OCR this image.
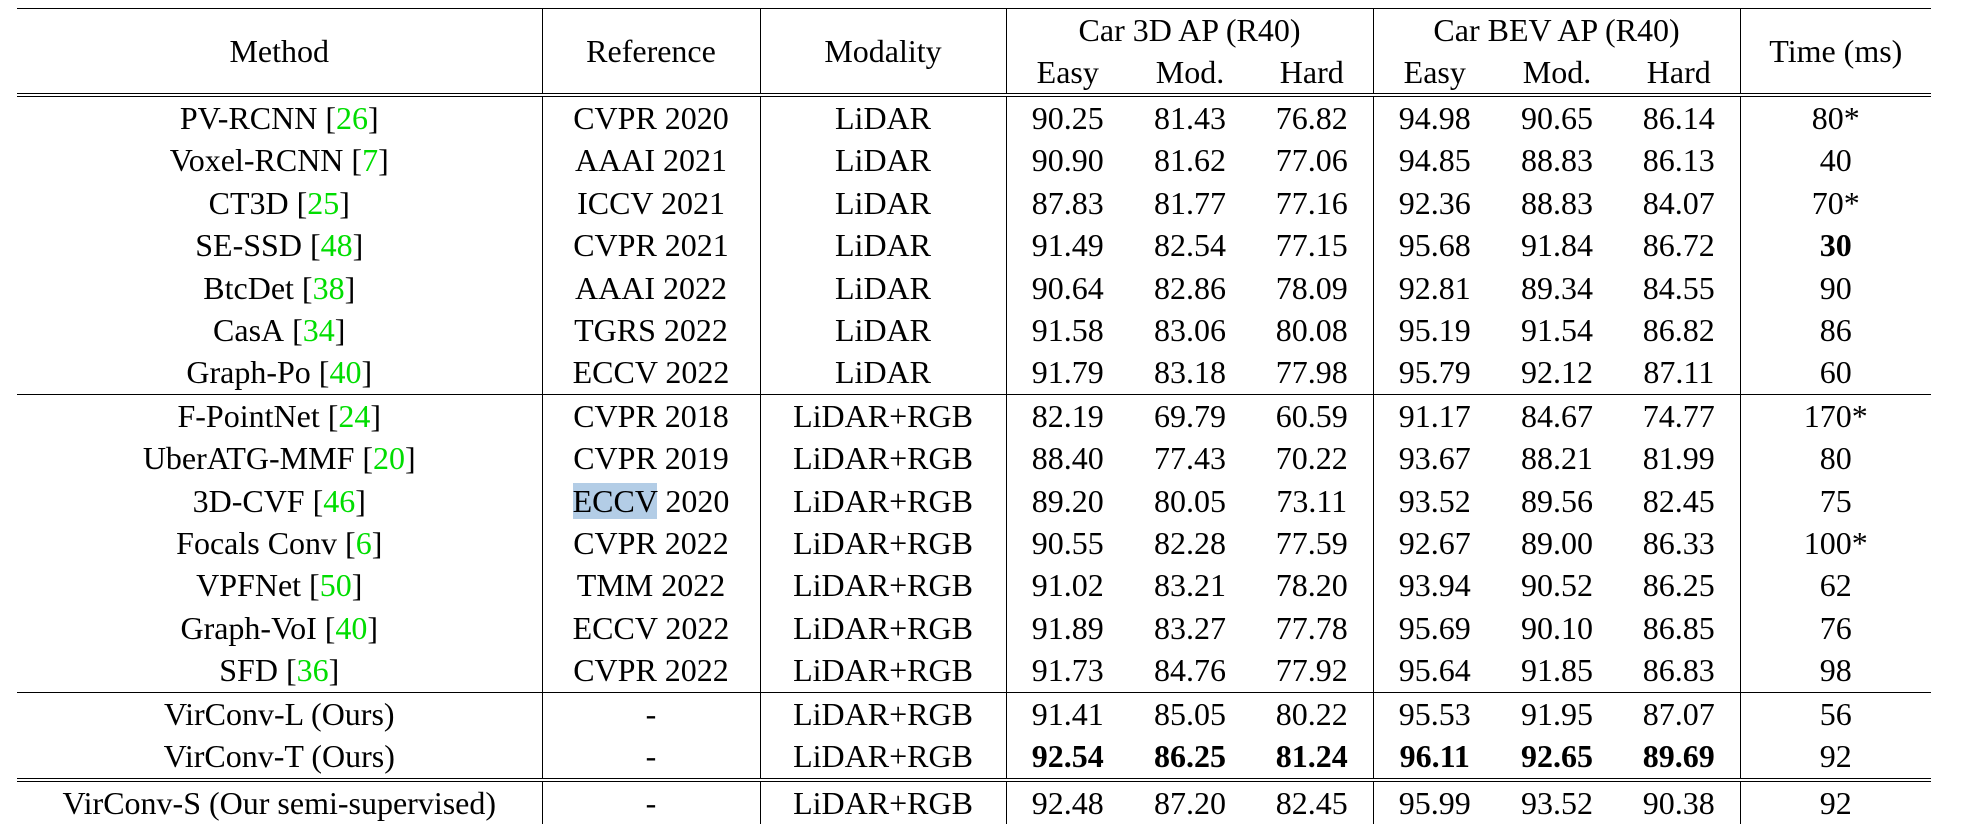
Method	Reference	Modality	Car 3D AP (R40)			Car BEV AP (R40)			Time (ms)
			Easy	Mod.	Hard	Easy	Mod.	Hard	
PV-RCNN [26]	CVPR 2020	LiDAR	90.25	81.43	76.82	94.98	90.65	86.14	80*
Voxel-RCNN [7]	AAAI 2021	LiDAR	90.90	81.62	77.06	94.85	88.83	86.13	40
CT3D [25]	ICCV 2021	LiDAR	87.83	81.77	77.16	92.36	88.83	84.07	70*
SE-SSD [48]	CVPR 2021	LiDAR	91.49	82.54	77.15	95.68	91.84	86.72	30
BtcDet [38]	AAAI 2022	LiDAR	90.64	82.86	78.09	92.81	89.34	84.55	90
CasA [34]	TGRS 2022	LiDAR	91.58	83.06	80.08	95.19	91.54	86.82	86
Graph-Po [40]	ECCV 2022	LiDAR	91.79	83.18	77.98	95.79	92.12	87.11	60
F-PointNet [24]	CVPR 2018	LiDAR+RGB	82.19	69.79	60.59	91.17	84.67	74.77	170*
UberATG-MMF [20]	CVPR 2019	LiDAR+RGB	88.40	77.43	70.22	93.67	88.21	81.99	80
3D-CVF [46]	ECCV 2020	LiDAR+RGB	89.20	80.05	73.11	93.52	89.56	82.45	75
Focals Conv [6]	CVPR 2022	LiDAR+RGB	90.55	82.28	77.59	92.67	89.00	86.33	100*
VPFNet [50]	TMM 2022	LiDAR+RGB	91.02	83.21	78.20	93.94	90.52	86.25	62
Graph-VoI [40]	ECCV 2022	LiDAR+RGB	91.89	83.27	77.78	95.69	90.10	86.85	76
SFD [36]	CVPR 2022	LiDAR+RGB	91.73	84.76	77.92	95.64	91.85	86.83	98
VirConv-L (Ours)	-	LiDAR+RGB	91.41	85.05	80.22	95.53	91.95	87.07	56
VirConv-T (Ours)	-	LiDAR+RGB	92.54	86.25	81.24	96.11	92.65	89.69	92
VirConv-S (Our semi-supervised)	-	LiDAR+RGB	92.48	87.20	82.45	95.99	93.52	90.38	92
